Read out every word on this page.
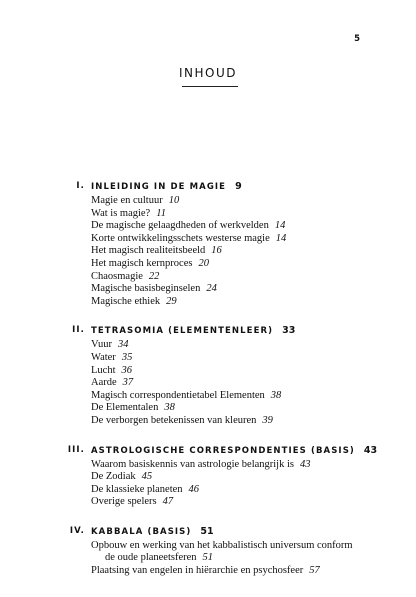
5
INHOUD
I. INLEIDING IN DE MAGIE 9
Magie en cultuur 10
Wat is magie? 11
De magische gelaagdheden of werkvelden 14
Korte ontwikkelingsschets westerse magie 14
Het magisch realiteitsbeeld 16
Het magisch kernproces 20
Chaosmagie 22
Magische basisbeginselen 24
Magische ethiek 29
II. TETRASOMIA (ELEMENTENLEER) 33
Vuur 34
Water 35
Lucht 36
Aarde 37
Magisch correspondentietabel Elementen 38
De Elementalen 38
De verborgen betekenissen van kleuren 39
III. ASTROLOGISCHE CORRESPONDENTIES (BASIS) 43
Waarom basiskennis van astrologie belangrijk is 43
De Zodiak 45
De klassieke planeten 46
Overige spelers 47
IV. KABBALA (BASIS) 51
Opbouw en werking van het kabbalistisch universum conform
de oude planeetsferen 51
Plaatsing van engelen in hiërarchie en psychosfeer 57
